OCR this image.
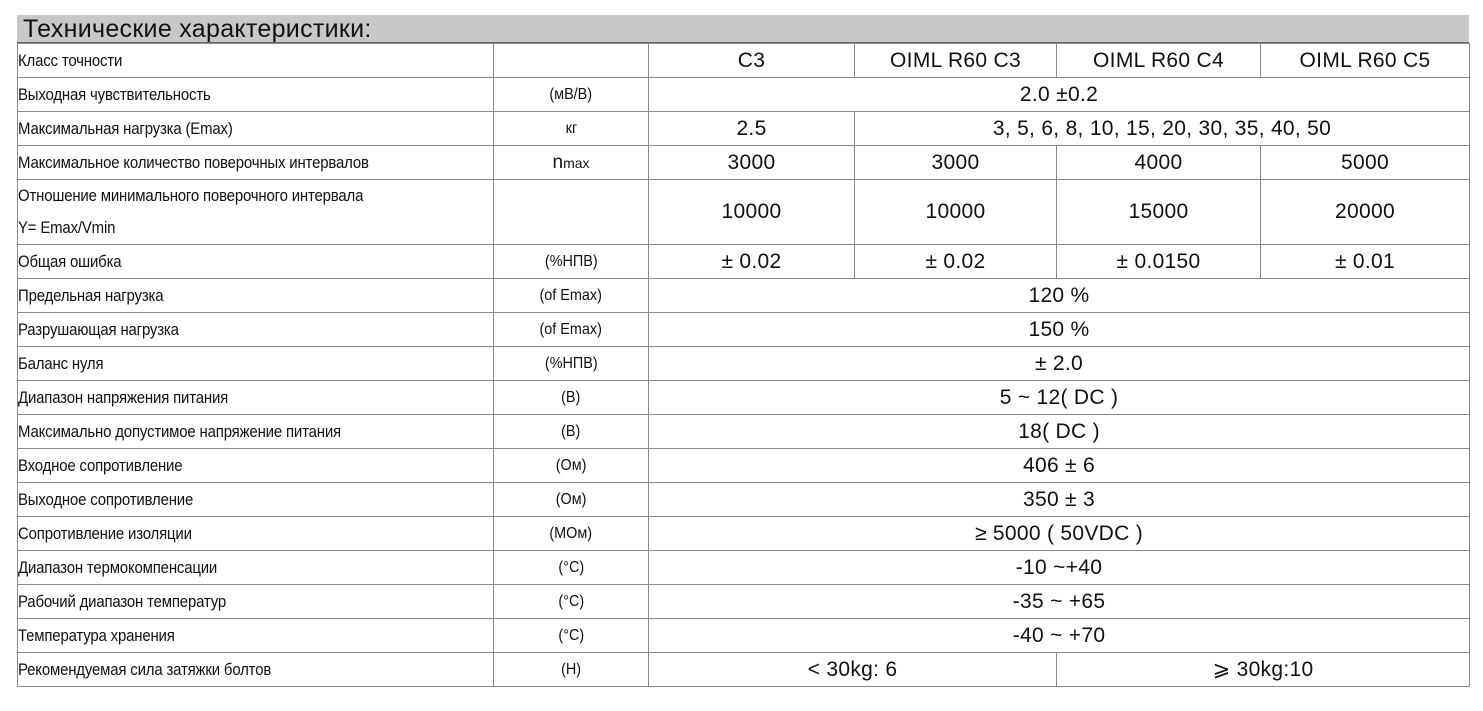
Технические характеристики:
Класс точности		C3	OIML R60 C3	OIML R60 C4	OIML R60 C5
Выходная чувствительность	(мВ/В)	2.0 ±0.2			
Максимальная нагрузка (Emax)	кг	2.5	3, 5, 6, 8, 10, 15, 20, 30, 35, 40, 50		
Максимальное количество поверочных интервалов	nmax	3000	3000	4000	5000

Отношение минимального поверочного интервала
Y= Emax/Vmin		10000	10000	15000	20000
Общая ошибка	(%НПВ)	± 0.02	± 0.02	± 0.0150	± 0.01
Предельная нагрузка	(of Emax)	120 %			
Разрушающая нагрузка	(of Emax)	150 %			
Баланс нуля	(%НПВ)	± 2.0			
Диапазон напряжения питания	(В)	5 ~ 12( DC )			
Максимально допустимое напряжение питания	(В)	18( DC )			
Входное сопротивление	(Ом)	406 ± 6			
Выходное сопротивление	(Ом)	350 ± 3			
Сопротивление изоляции	(МОм)	≥ 5000 ( 50VDC )			
Диапазон термокомпенсации	(°C)	-10 ~+40			
Рабочий диапазон температур	(°C)	-35 ~ +65			
Температура хранения	(°C)	-40 ~ +70			
Рекомендуемая сила затяжки болтов	(Н)	< 30kg: 6		⩾ 30kg:10	
